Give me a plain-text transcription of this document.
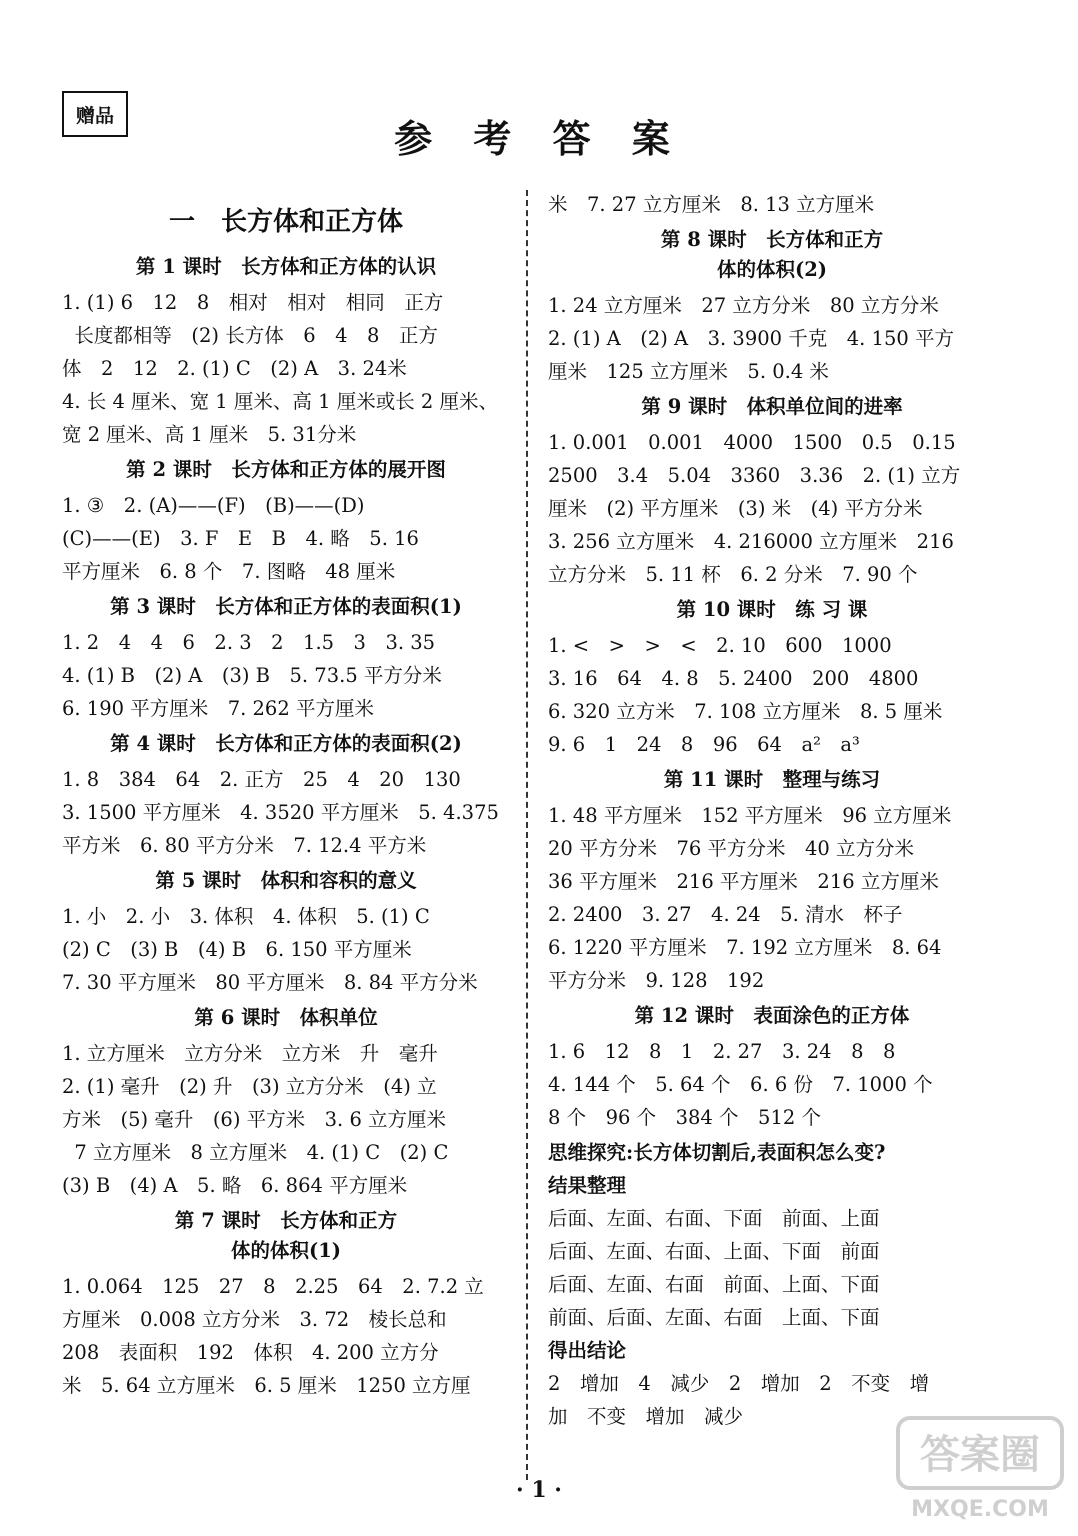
赠品
参 考 答 案
一　长方体和正方体
第 1 课时　长方体和正方体的认识
1. (1) 6　12　8　相对　相对　相同　正方
长度都相等　(2) 长方体　6　4　8　正方
体　2　12　2. (1) C　(2) A　3. 24米
4. 长 4 厘米、宽 1 厘米、高 1 厘米或长 2 厘米、
宽 2 厘米、高 1 厘米　5. 31分米
第 2 课时　长方体和正方体的展开图
1. ③　2. (A)——(F)　(B)——(D)
(C)——(E)　3. F　E　B　4. 略　5. 16
平方厘米　6. 8 个　7. 图略　48 厘米
第 3 课时　长方体和正方体的表面积(1)
1. 2　4　4　6　2. 3　2　1.5　3　3. 35
4. (1) B　(2) A　(3) B　5. 73.5 平方分米
6. 190 平方厘米　7. 262 平方厘米
第 4 课时　长方体和正方体的表面积(2)
1. 8　384　64　2. 正方　25　4　20　130
3. 1500 平方厘米　4. 3520 平方厘米　5. 4.375
平方米　6. 80 平方分米　7. 12.4 平方米
第 5 课时　体积和容积的意义
1. 小　2. 小　3. 体积　4. 体积　5. (1) C
(2) C　(3) B　(4) B　6. 150 平方厘米
7. 30 平方厘米　80 平方厘米　8. 84 平方分米
第 6 课时　体积单位
1. 立方厘米　立方分米　立方米　升　毫升
2. (1) 毫升　(2) 升　(3) 立方分米　(4) 立
方米　(5) 毫升　(6) 平方米　3. 6 立方厘米
7 立方厘米　8 立方厘米　4. (1) C　(2) C
(3) B　(4) A　5. 略　6. 864 平方厘米
第 7 课时　长方体和正方
体的体积(1)
1. 0.064　125　27　8　2.25　64　2. 7.2 立
方厘米　0.008 立方分米　3. 72　棱长总和
208　表面积　192　体积　4. 200 立方分
米　5. 64 立方厘米　6. 5 厘米　1250 立方厘
米　7. 27 立方厘米　8. 13 立方厘米
第 8 课时　长方体和正方
体的体积(2)
1. 24 立方厘米　27 立方分米　80 立方分米
2. (1) A　(2) A　3. 3900 千克　4. 150 平方
厘米　125 立方厘米　5. 0.4 米
第 9 课时　体积单位间的进率
1. 0.001　0.001　4000　1500　0.5　0.15
2500　3.4　5.04　3360　3.36　2. (1) 立方
厘米　(2) 平方厘米　(3) 米　(4) 平方分米
3. 256 立方厘米　4. 216000 立方厘米　216
立方分米　5. 11 杯　6. 2 分米　7. 90 个
第 10 课时　练 习 课
1. <　>　>　<　2. 10　600　1000
3. 16　64　4. 8　5. 2400　200　4800
6. 320 立方米　7. 108 立方厘米　8. 5 厘米
9. 6　1　24　8　96　64　a²　a³
第 11 课时　整理与练习
1. 48 平方厘米　152 平方厘米　96 立方厘米
20 平方分米　76 平方分米　40 立方分米
36 平方厘米　216 平方厘米　216 立方厘米
2. 2400　3. 27　4. 24　5. 清水　杯子
6. 1220 平方厘米　7. 192 立方厘米　8. 64
平方分米　9. 128　192
第 12 课时　表面涂色的正方体
1. 6　12　8　1　2. 27　3. 24　8　8
4. 144 个　5. 64 个　6. 6 份　7. 1000 个
8 个　96 个　384 个　512 个
思维探究:长方体切割后,表面积怎么变?
结果整理
后面、左面、右面、下面　前面、上面
后面、左面、右面、上面、下面　前面
后面、左面、右面　前面、上面、下面
前面、后面、左面、右面　上面、下面
得出结论
2　增加　4　减少　2　增加　2　不变　增
加　不变　增加　减少
· 1 ·
答案圈
MXQE.COM
